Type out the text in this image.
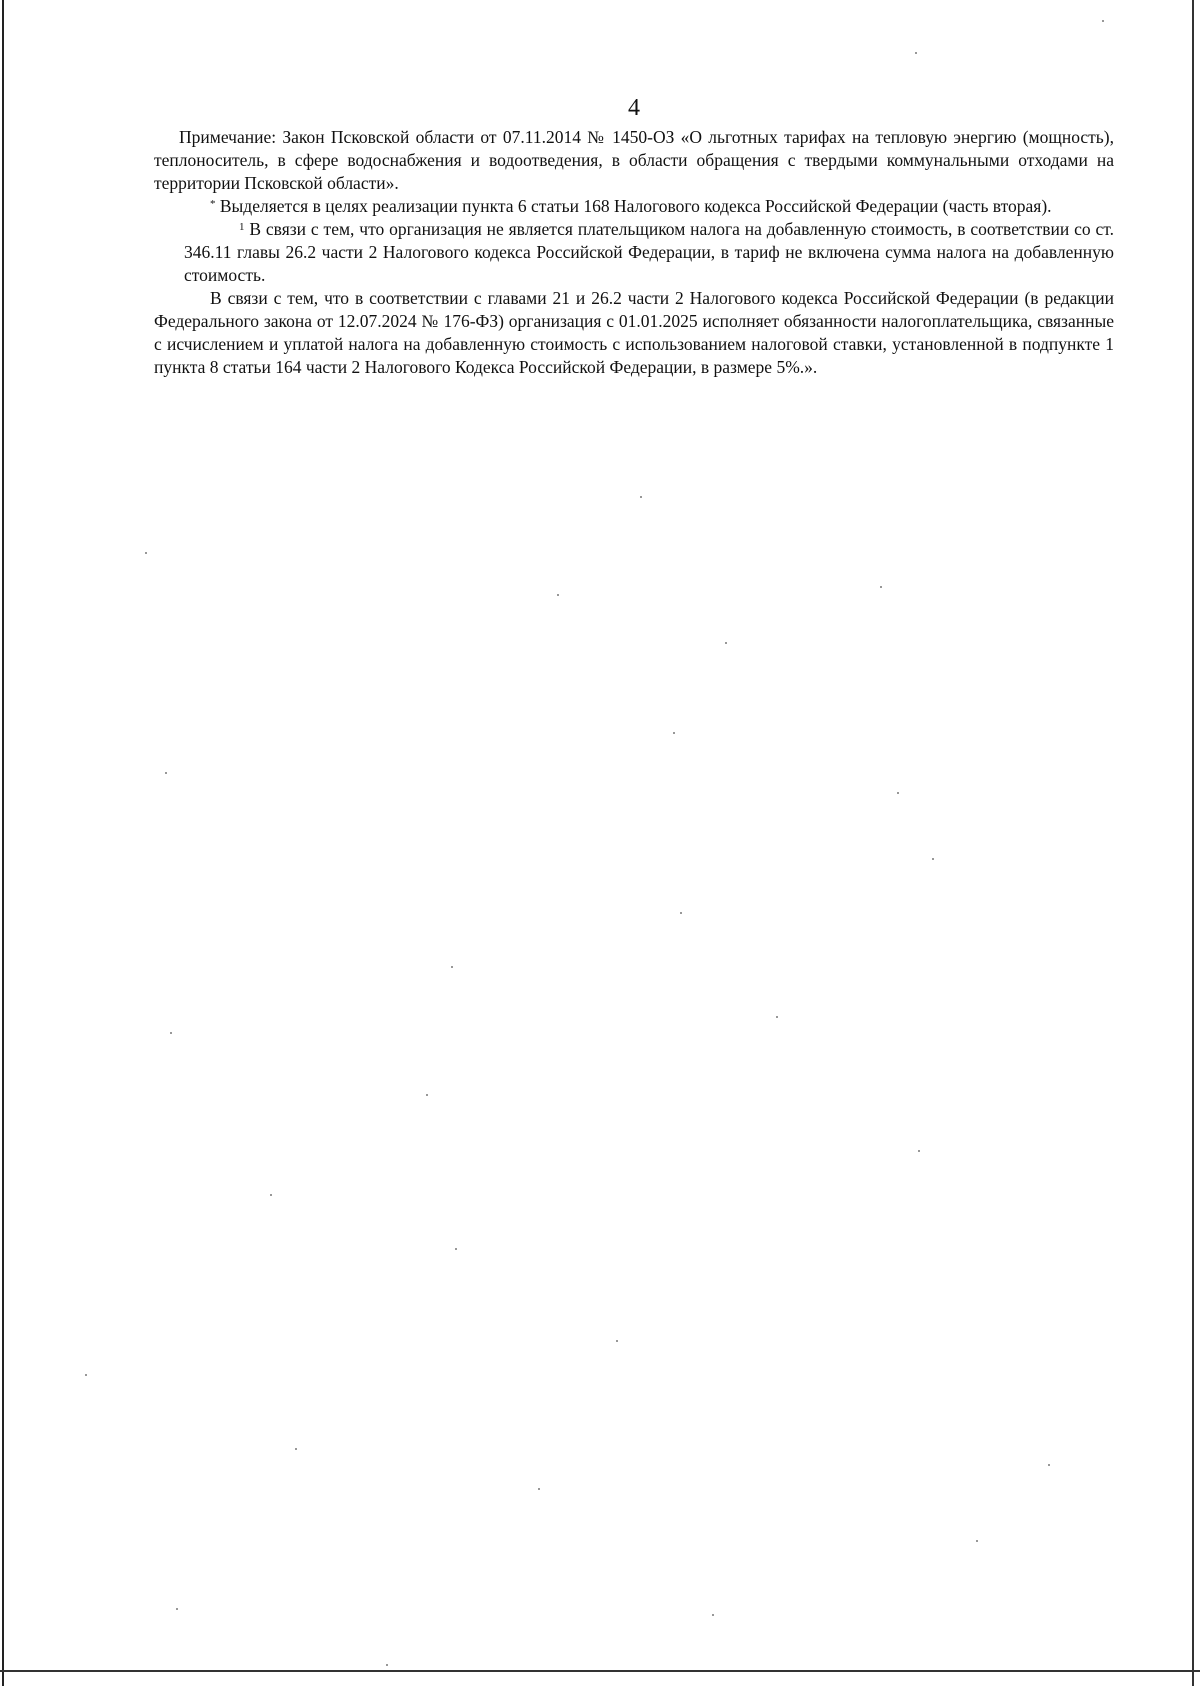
4

Примечание: Закон Псковской области от 07.11.2014 № 1450-ОЗ «О льготных тарифах на тепловую энергию (мощность), теплоноситель, в сфере водоснабжения и водоотведения, в области обращения с твердыми коммунальными отходами на территории Псковской области».

* Выделяется в целях реализации пункта 6 статьи 168 Налогового кодекса Российской Федерации (часть вторая).

$^1$ В связи с тем, что организация не является плательщиком налога на добавленную стоимость, в соответствии со ст. 346.11 главы 26.2 части 2 Налогового кодекса Российской Федерации, в тариф не включена сумма налога на добавленную стоимость.

В связи с тем, что в соответствии с главами 21 и 26.2 части 2 Налогового кодекса Российской Федерации (в редакции Федерального закона от 12.07.2024 № 176-ФЗ) организация с 01.01.2025 исполняет обязанности налогоплательщика, связанные с исчислением и уплатой налога на добавленную стоимость с использованием налоговой ставки, установленной в подпункте 1 пункта 8 статьи 164 части 2 Налогового Кодекса Российской Федерации, в размере 5%.».
